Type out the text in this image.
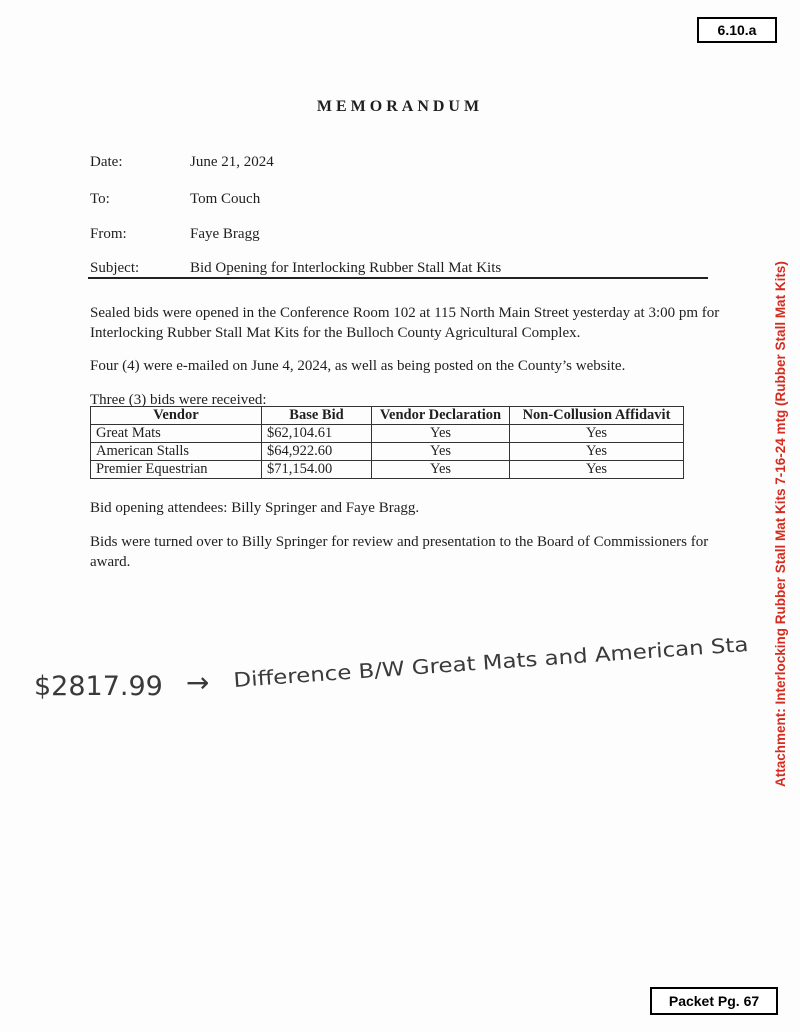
6.10.a
Attachment: Interlocking Rubber Stall Mat Kits 7-16-24 mtg (Rubber Stall Mat Kits)
MEMORANDUM
Date:	June 21, 2024
To:	Tom Couch
From:	Faye Bragg
Subject:	Bid Opening for Interlocking Rubber Stall Mat Kits
Sealed bids were opened in the Conference Room 102 at 115 North Main Street yesterday at 3:00 pm for Interlocking Rubber Stall Mat Kits for the Bulloch County Agricultural Complex.
Four (4) were e-mailed on June 4, 2024, as well as being posted on the County’s website.
Three (3) bids were received:
Vendor	Base Bid	Vendor Declaration	Non-Collusion Affidavit
Great Mats	$62,104.61	Yes	Yes
American Stalls	$64,922.60	Yes	Yes
Premier Equestrian	$71,154.00	Yes	Yes
Bid opening attendees: Billy Springer and Faye Bragg.
Bids were turned over to Billy Springer for review and presentation to the Board of Commissioners for award.
$2817.99 → Difference B/W Great Mats and American Sta
Packet Pg. 67
